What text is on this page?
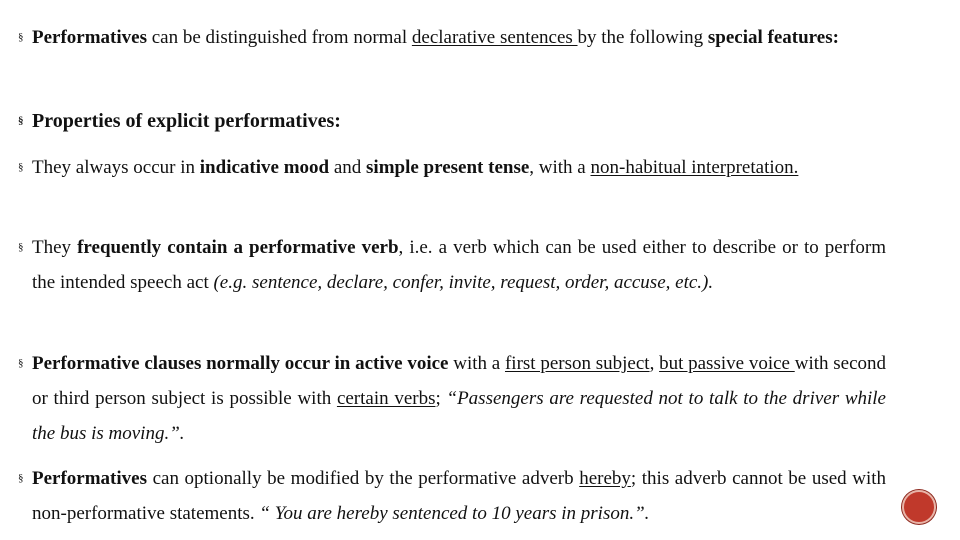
§ Performatives can be distinguished from normal declarative sentences by the following special features:
§ Properties of explicit performatives:
§ They always occur in indicative mood and simple present tense, with a non-habitual interpretation.
§ They frequently contain a performative verb, i.e. a verb which can be used either to describe or to perform the intended speech act (e.g. sentence, declare, confer, invite, request, order, accuse, etc.).
§ Performative clauses normally occur in active voice with a first person subject, but passive voice with second or third person subject is possible with certain verbs; “Passengers are requested not to talk to the driver while the bus is moving.”.
§ Performatives can optionally be modified by the performative adverb hereby; this adverb cannot be used with non-performative statements. “ You are hereby sentenced to 10 years in prison.”.
